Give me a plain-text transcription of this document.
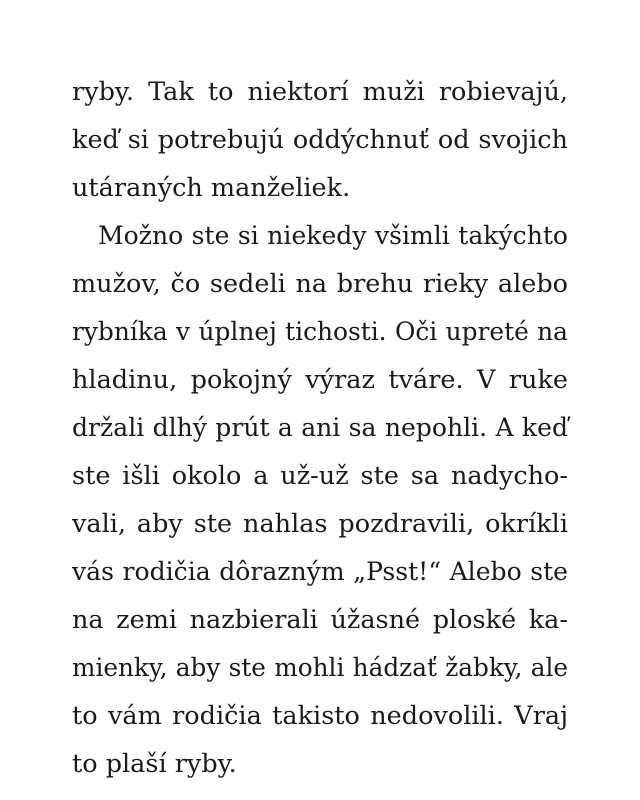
ryby. Tak to niektorí muži robievajú,
keď si potrebujú oddýchnuť od svojich
utáraných manželiek.
Možno ste si niekedy všimli takýchto
mužov, čo sedeli na brehu rieky alebo
rybníka v úplnej tichosti. Oči upreté na
hladinu, pokojný výraz tváre. V ruke
držali dlhý prút a ani sa nepohli. A keď
ste išli okolo a už-už ste sa nadycho-
vali, aby ste nahlas pozdravili, okríkli
vás rodičia dôrazným „Psst!“ Alebo ste
na zemi nazbierali úžasné ploské ka-
mienky, aby ste mohli hádzať žabky, ale
to vám rodičia takisto nedovolili. Vraj
to plaší ryby.
